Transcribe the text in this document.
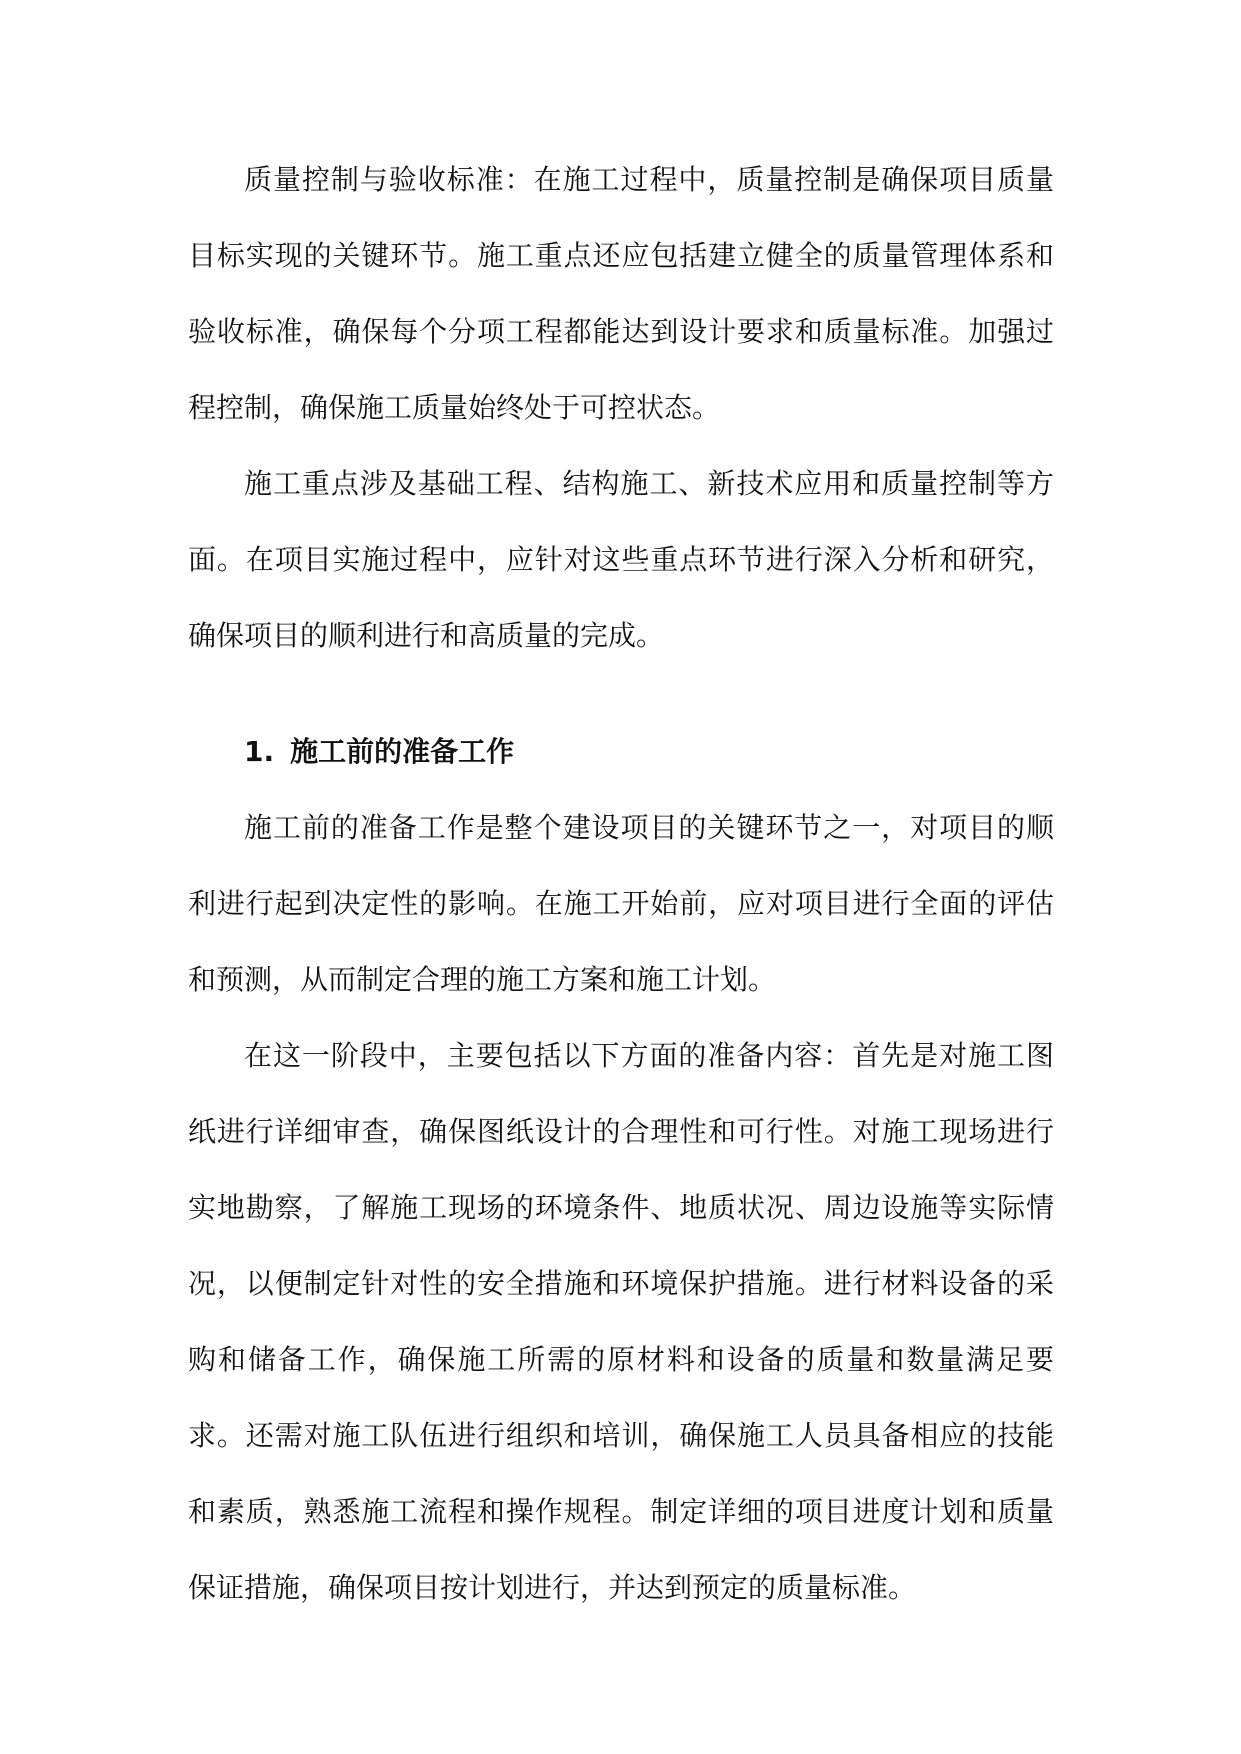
质量控制与验收标准：在施工过程中，质量控制是确保项目质量目标实现的关键环节。施工重点还应包括建立健全的质量管理体系和验收标准，确保每个分项工程都能达到设计要求和质量标准。加强过程控制，确保施工质量始终处于可控状态。

施工重点涉及基础工程、结构施工、新技术应用和质量控制等方面。在项目实施过程中，应针对这些重点环节进行深入分析和研究，确保项目的顺利进行和高质量的完成。

1. 施工前的准备工作

施工前的准备工作是整个建设项目的关键环节之一，对项目的顺利进行起到决定性的影响。在施工开始前，应对项目进行全面的评估和预测，从而制定合理的施工方案和施工计划。

在这一阶段中，主要包括以下方面的准备内容：首先是对施工图纸进行详细审查，确保图纸设计的合理性和可行性。对施工现场进行实地勘察，了解施工现场的环境条件、地质状况、周边设施等实际情况，以便制定针对性的安全措施和环境保护措施。进行材料设备的采购和储备工作，确保施工所需的原材料和设备的质量和数量满足要求。还需对施工队伍进行组织和培训，确保施工人员具备相应的技能和素质，熟悉施工流程和操作规程。制定详细的项目进度计划和质量保证措施，确保项目按计划进行，并达到预定的质量标准。
